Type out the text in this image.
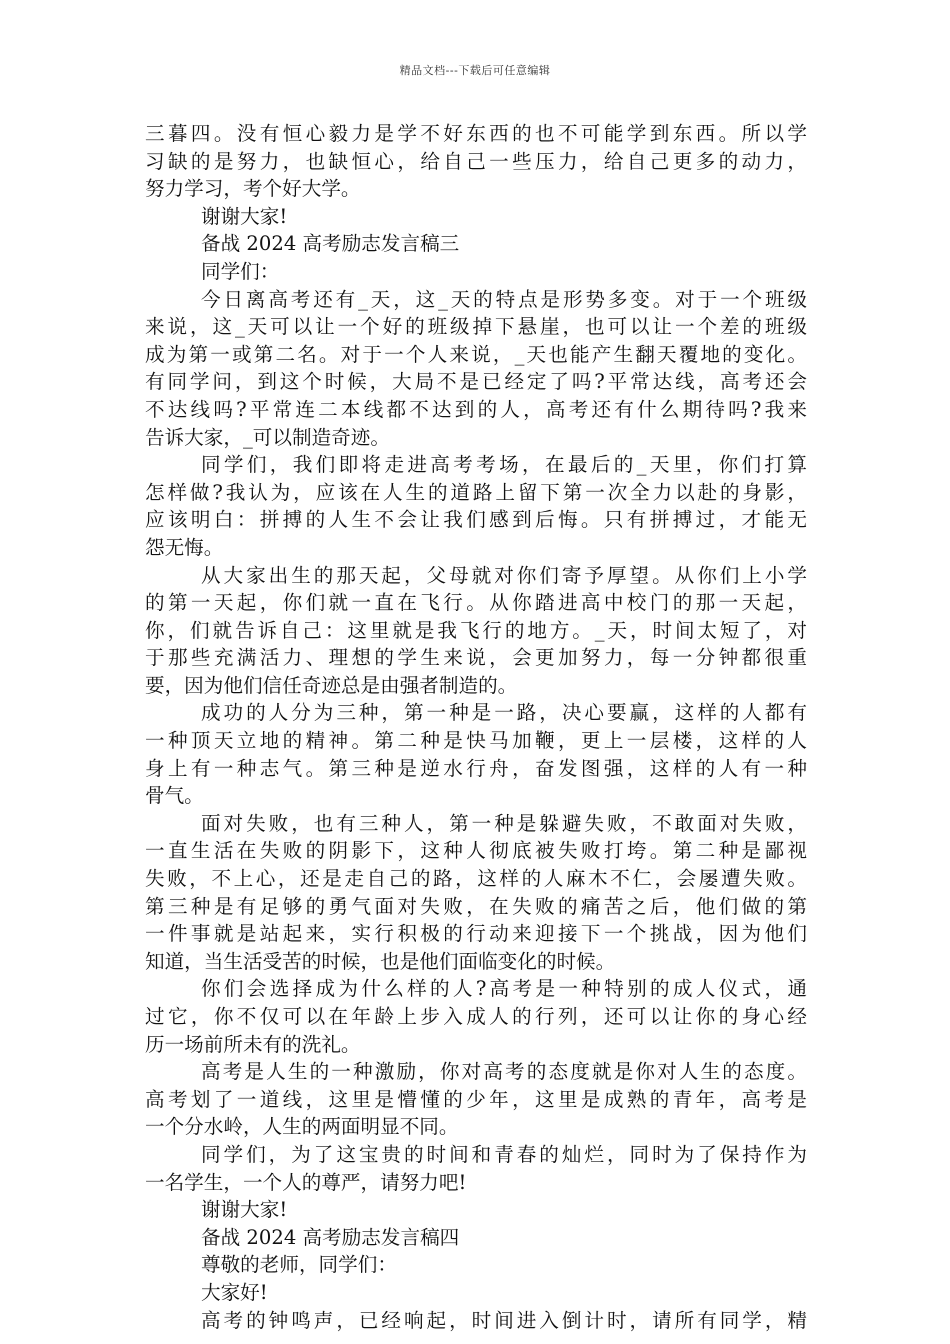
精品文档---下载后可任意编辑
三暮四。没有恒心毅力是学不好东西的也不可能学到东西。所以学
习缺的是努力，也缺恒心，给自己一些压力，给自己更多的动力，
努力学习，考个好大学。
谢谢大家!
备战 2024 高考励志发言稿三
同学们：
今日离高考还有_天，这_天的特点是形势多变。对于一个班级
来说，这_天可以让一个好的班级掉下悬崖，也可以让一个差的班级
成为第一或第二名。对于一个人来说，_天也能产生翻天覆地的变化。
有同学问，到这个时候，大局不是已经定了吗?平常达线，高考还会
不达线吗?平常连二本线都不达到的人，高考还有什么期待吗?我来
告诉大家，_可以制造奇迹。
同学们，我们即将走进高考考场，在最后的_天里，你们打算
怎样做?我认为，应该在人生的道路上留下第一次全力以赴的身影，
应该明白：拼搏的人生不会让我们感到后悔。只有拼搏过，才能无
怨无悔。
从大家出生的那天起，父母就对你们寄予厚望。从你们上小学
的第一天起，你们就一直在飞行。从你踏进高中校门的那一天起，
你，们就告诉自己：这里就是我飞行的地方。_天，时间太短了，对
于那些充满活力、理想的学生来说，会更加努力，每一分钟都很重
要，因为他们信任奇迹总是由强者制造的。
成功的人分为三种，第一种是一路，决心要赢，这样的人都有
一种顶天立地的精神。第二种是快马加鞭，更上一层楼，这样的人
身上有一种志气。第三种是逆水行舟，奋发图强，这样的人有一种
骨气。
面对失败，也有三种人，第一种是躲避失败，不敢面对失败，
一直生活在失败的阴影下，这种人彻底被失败打垮。第二种是鄙视
失败，不上心，还是走自己的路，这样的人麻木不仁，会屡遭失败。
第三种是有足够的勇气面对失败，在失败的痛苦之后，他们做的第
一件事就是站起来，实行积极的行动来迎接下一个挑战，因为他们
知道，当生活受苦的时候，也是他们面临变化的时候。
你们会选择成为什么样的人?高考是一种特别的成人仪式，通
过它，你不仅可以在年龄上步入成人的行列，还可以让你的身心经
历一场前所未有的洗礼。
高考是人生的一种激励，你对高考的态度就是你对人生的态度。
高考划了一道线，这里是懵懂的少年，这里是成熟的青年，高考是
一个分水岭，人生的两面明显不同。
同学们，为了这宝贵的时间和青春的灿烂，同时为了保持作为
一名学生，一个人的尊严，请努力吧!
谢谢大家!
备战 2024 高考励志发言稿四
尊敬的老师，同学们：
大家好!
高考的钟鸣声，已经响起，时间进入倒计时，请所有同学，精
